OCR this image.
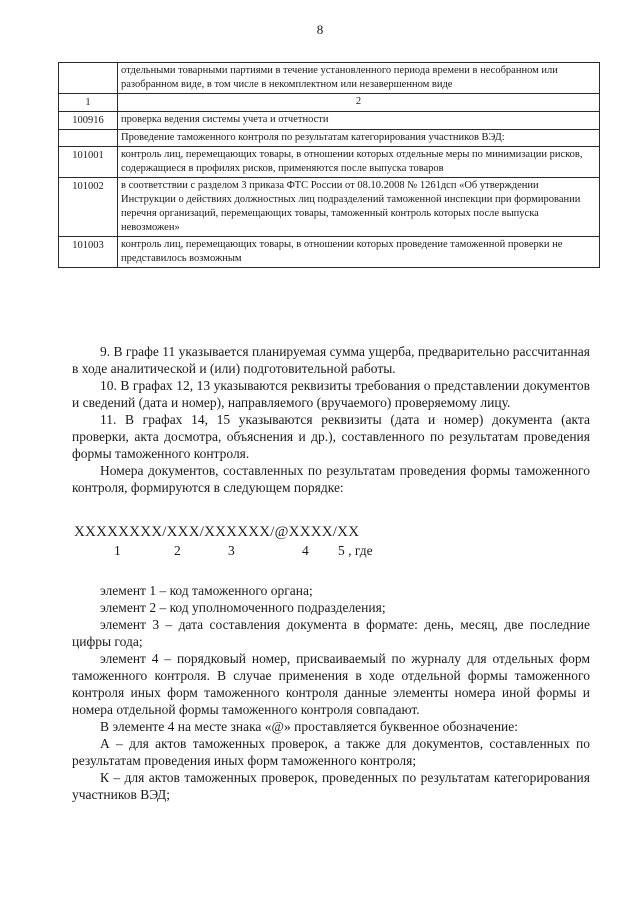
8
	отдельными товарными партиями в течение установленного периода времени в несобранном или разобранном виде, в том числе в некомплектном или незавершенном виде
1	2
100916	проверка ведения системы учета и отчетности
	Проведение таможенного контроля по результатам категорирования участников ВЭД:
101001	контроль лиц, перемещающих товары, в отношении которых отдельные меры по минимизации рисков, содержащиеся в профилях рисков, применяются после выпуска товаров
101002	в соответствии с разделом 3 приказа ФТС России от 08.10.2008 № 1261дсп «Об утверждении Инструкции о действиях должностных лиц подразделений таможенной инспекции при формировании перечня организаций, перемещающих товары, таможенный контроль которых после выпуска невозможен»
101003	контроль лиц, перемещающих товары, в отношении которых проведение таможенной проверки не представилось возможным

9. В графе 11 указывается планируемая сумма ущерба, предварительно рассчитанная в ходе аналитической и (или) подготовительной работы.

10. В графах 12, 13 указываются реквизиты требования о представлении документов и сведений (дата и номер), направляемого (вручаемого) проверяемому лицу.

11. В графах 14, 15 указываются реквизиты (дата и номер) документа (акта проверки, акта досмотра, объяснения и др.), составленного по результатам проведения формы таможенного контроля.

Номера документов, составленных по результатам проведения формы таможенного контроля, формируются в следующем порядке:

XXXXXXXX/XXX/XXXXXX/@XXXX/XX
1	2	3	4 5 , где

элемент 1 – код таможенного органа;

элемент 2 – код уполномоченного подразделения;

элемент 3 – дата составления документа в формате: день, месяц, две последние цифры года;

элемент 4 – порядковый номер, присваиваемый по журналу для отдельных форм таможенного контроля. В случае применения в ходе отдельной формы таможенного контроля иных форм таможенного контроля данные элементы номера иной формы и номера отдельной формы таможенного контроля совпадают.

В элементе 4 на месте знака «@» проставляется буквенное обозначение:

А – для актов таможенных проверок, а также для документов, составленных по результатам проведения иных форм таможенного контроля;

К – для актов таможенных проверок, проведенных по результатам категорирования участников ВЭД;
